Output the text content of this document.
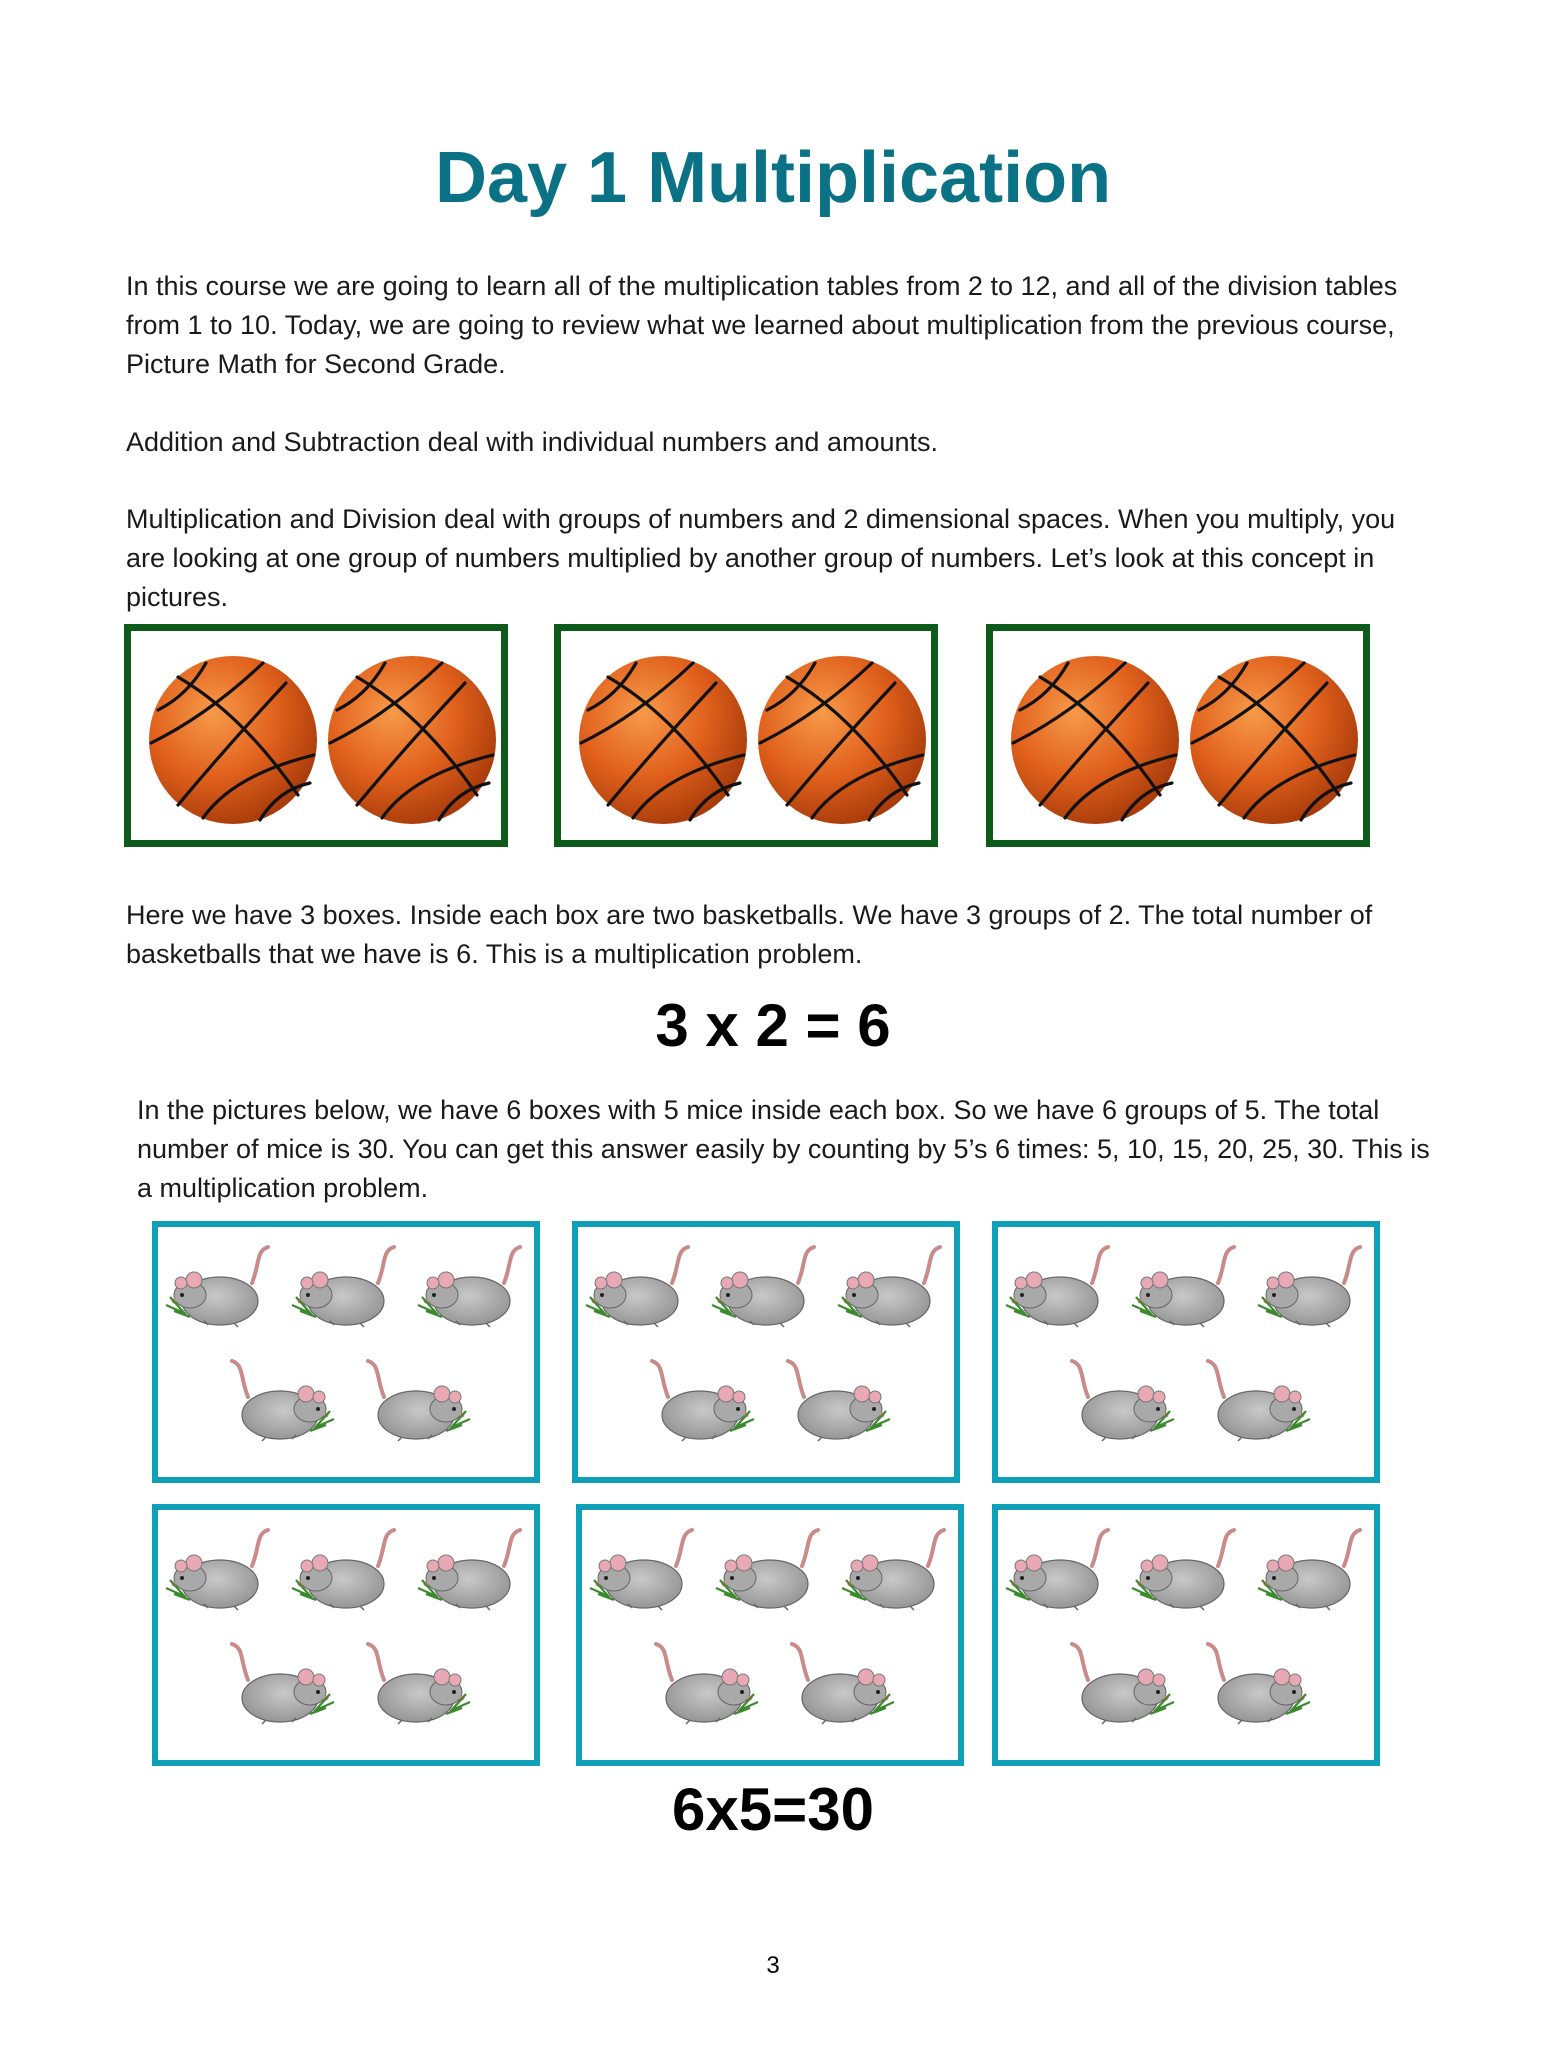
Day 1 Multiplication

In this course we are going to learn all of the multiplication tables from 2 to 12, and all of the division tables from 1 to 10. Today, we are going to review what we learned about multiplication from the previous course, Picture Math for Second Grade.

Addition and Subtraction deal with individual numbers and amounts.

Multiplication and Division deal with groups of numbers and 2 dimensional spaces. When you multiply, you are looking at one group of numbers multiplied by another group of numbers. Let’s look at this concept in pictures.

Here we have 3 boxes. Inside each box are two basketballs. We have 3 groups of 2. The total number of basketballs that we have is 6. This is a multiplication problem.

3 x 2 = 6

In the pictures below, we have 6 boxes with 5 mice inside each box. So we have 6 groups of 5. The total number of mice is 30. You can get this answer easily by counting by 5’s 6 times: 5, 10, 15, 20, 25, 30. This is a multiplication problem.

6x5=30
3
